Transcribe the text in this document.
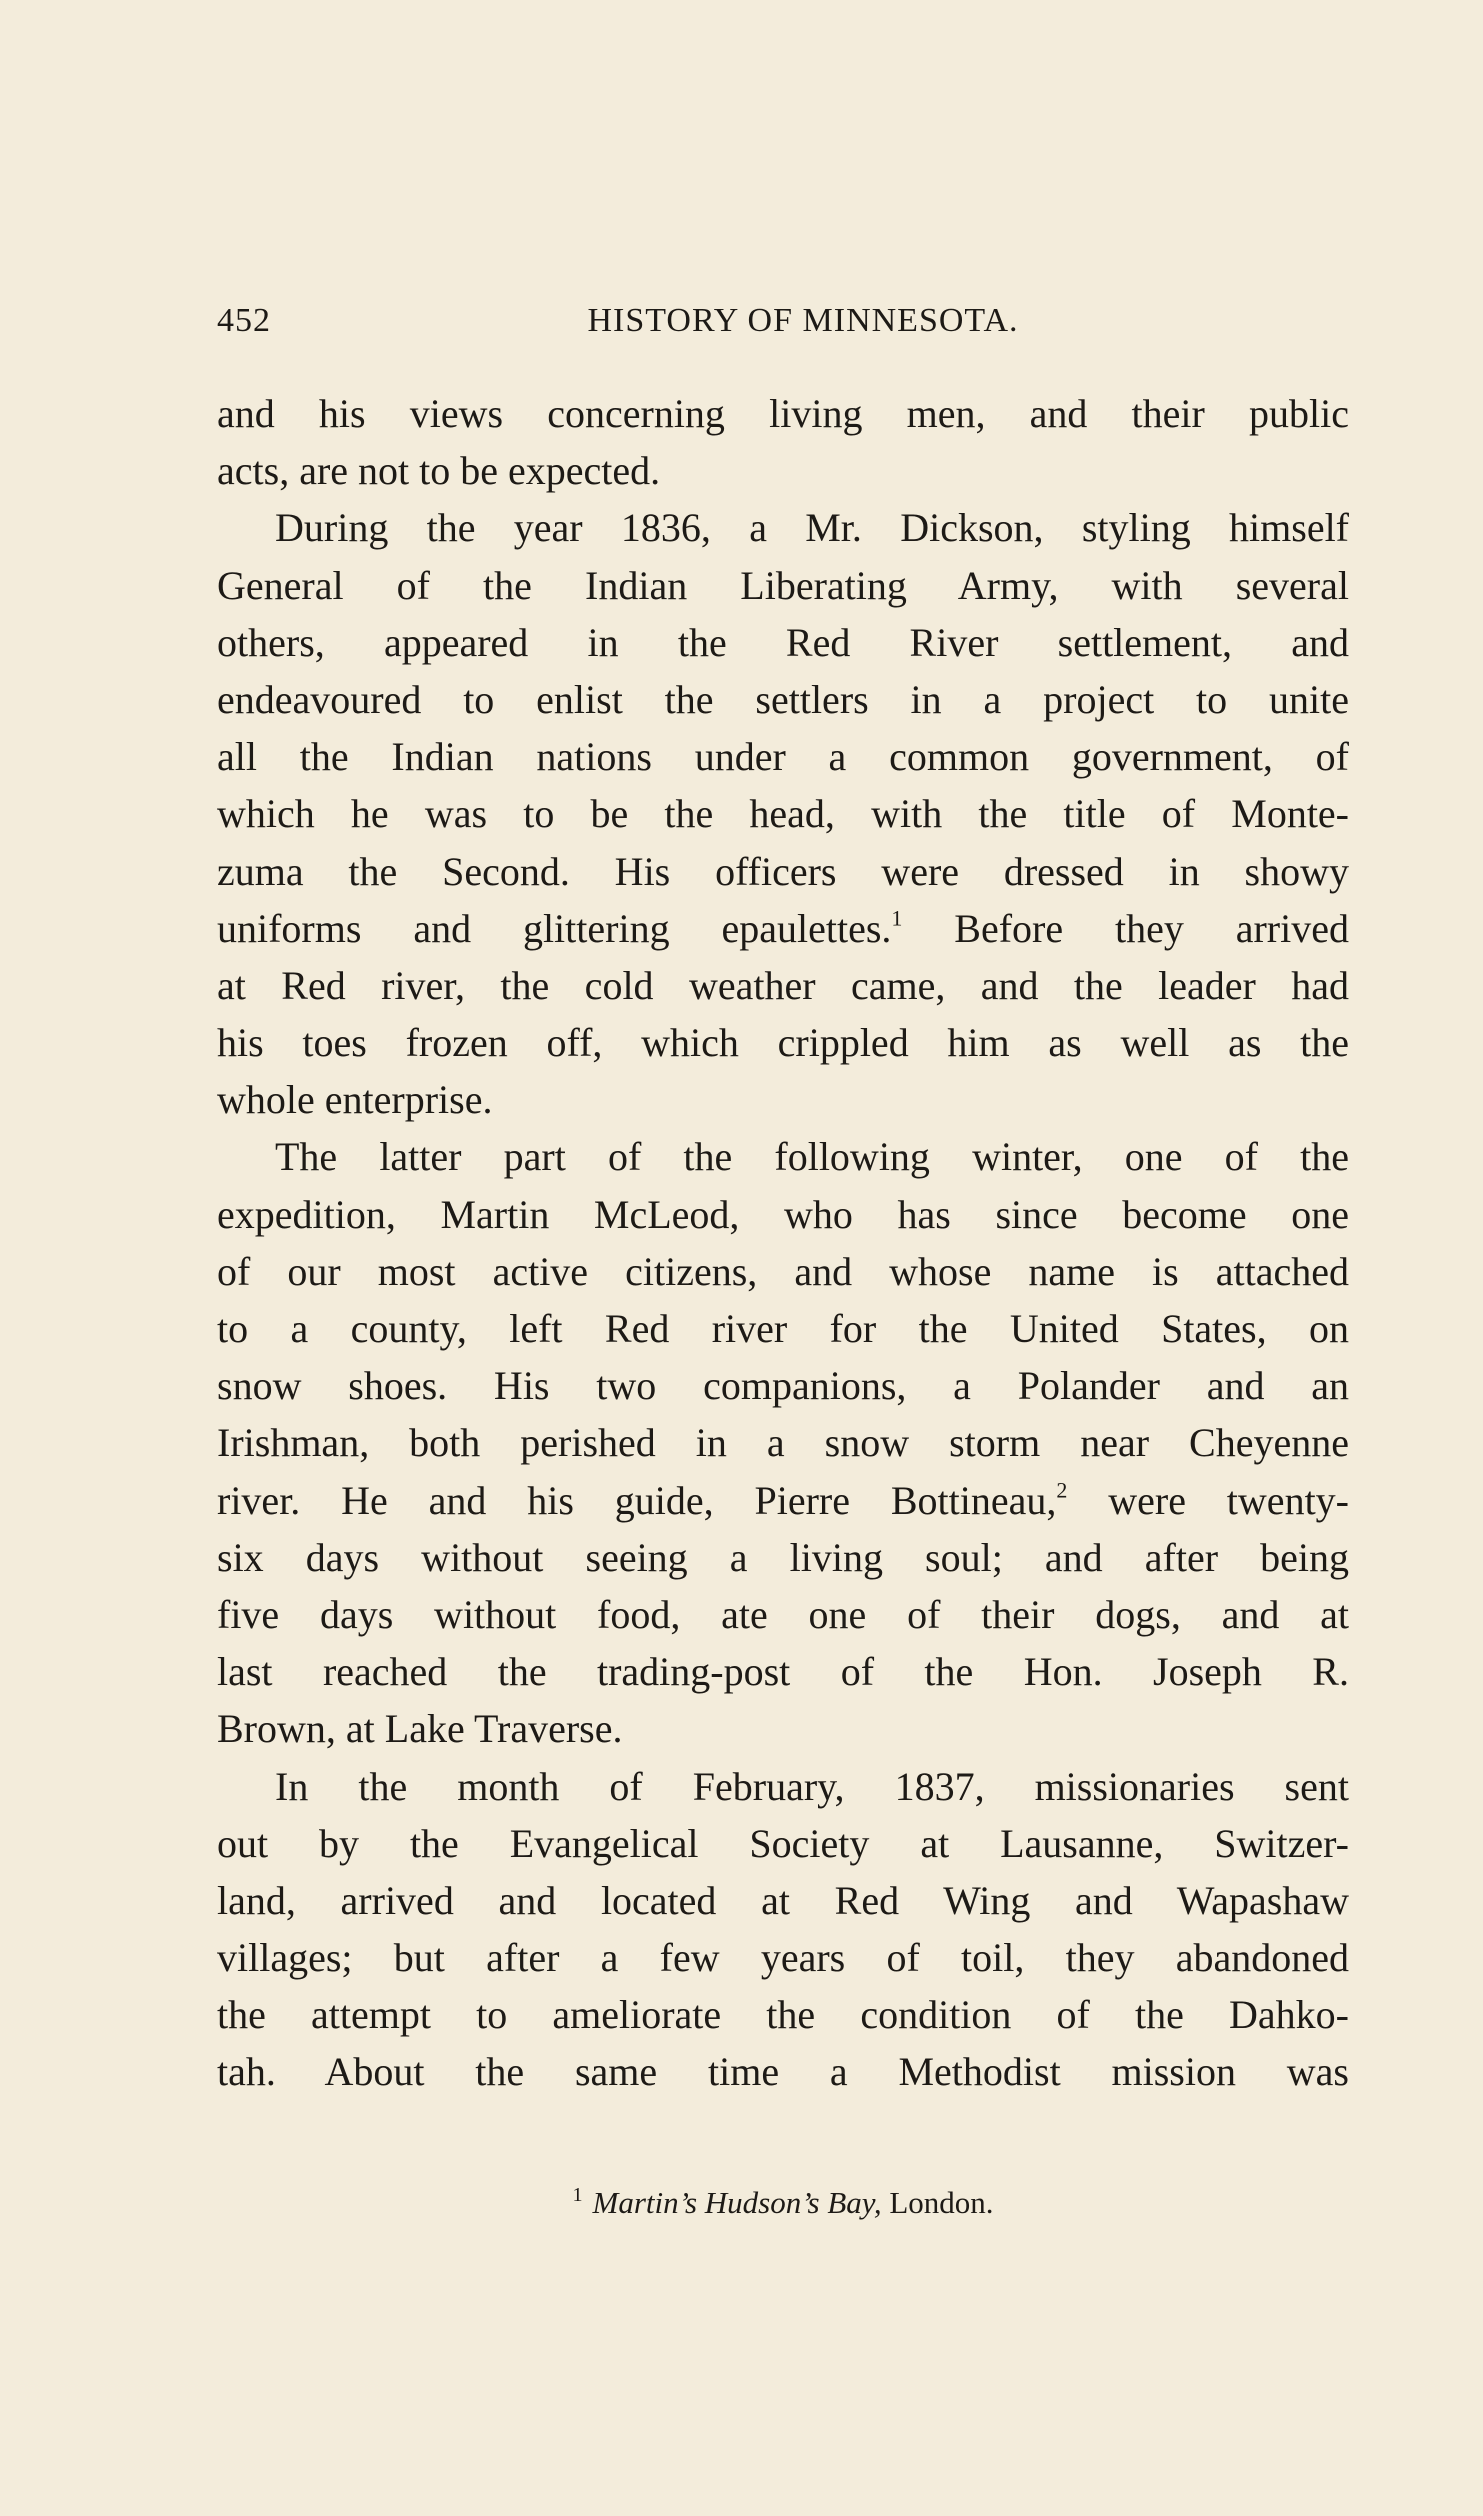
452	HISTORY OF MINNESOTA.
and his views concerning living men, and their public
acts, are not to be expected.
During the year 1836, a Mr. Dickson, styling himself
General of the Indian Liberating Army, with several
others, appeared in the Red River settlement, and
endeavoured to enlist the settlers in a project to unite
all the Indian nations under a common government, of
which he was to be the head, with the title of Monte-
zuma the Second. His officers were dressed in showy
uniforms and glittering epaulettes.$^1$ Before they arrived
at Red river, the cold weather came, and the leader had
his toes frozen off, which crippled him as well as the
whole enterprise.
The latter part of the following winter, one of the
expedition, Martin McLeod, who has since become one
of our most active citizens, and whose name is attached
to a county, left Red river for the United States, on
snow shoes. His two companions, a Polander and an
Irishman, both perished in a snow storm near Cheyenne
river. He and his guide, Pierre Bottineau,$^2$ were twenty-
six days without seeing a living soul; and after being
five days without food, ate one of their dogs, and at
last reached the trading-post of the Hon. Joseph R.
Brown, at Lake Traverse.
In the month of February, 1837, missionaries sent
out by the Evangelical Society at Lausanne, Switzer-
land, arrived and located at Red Wing and Wapashaw
villages; but after a few years of toil, they abandoned
the attempt to ameliorate the condition of the Dahko-
tah. About the same time a Methodist mission was
$^1$ Martin’s Hudson’s Bay, London.
